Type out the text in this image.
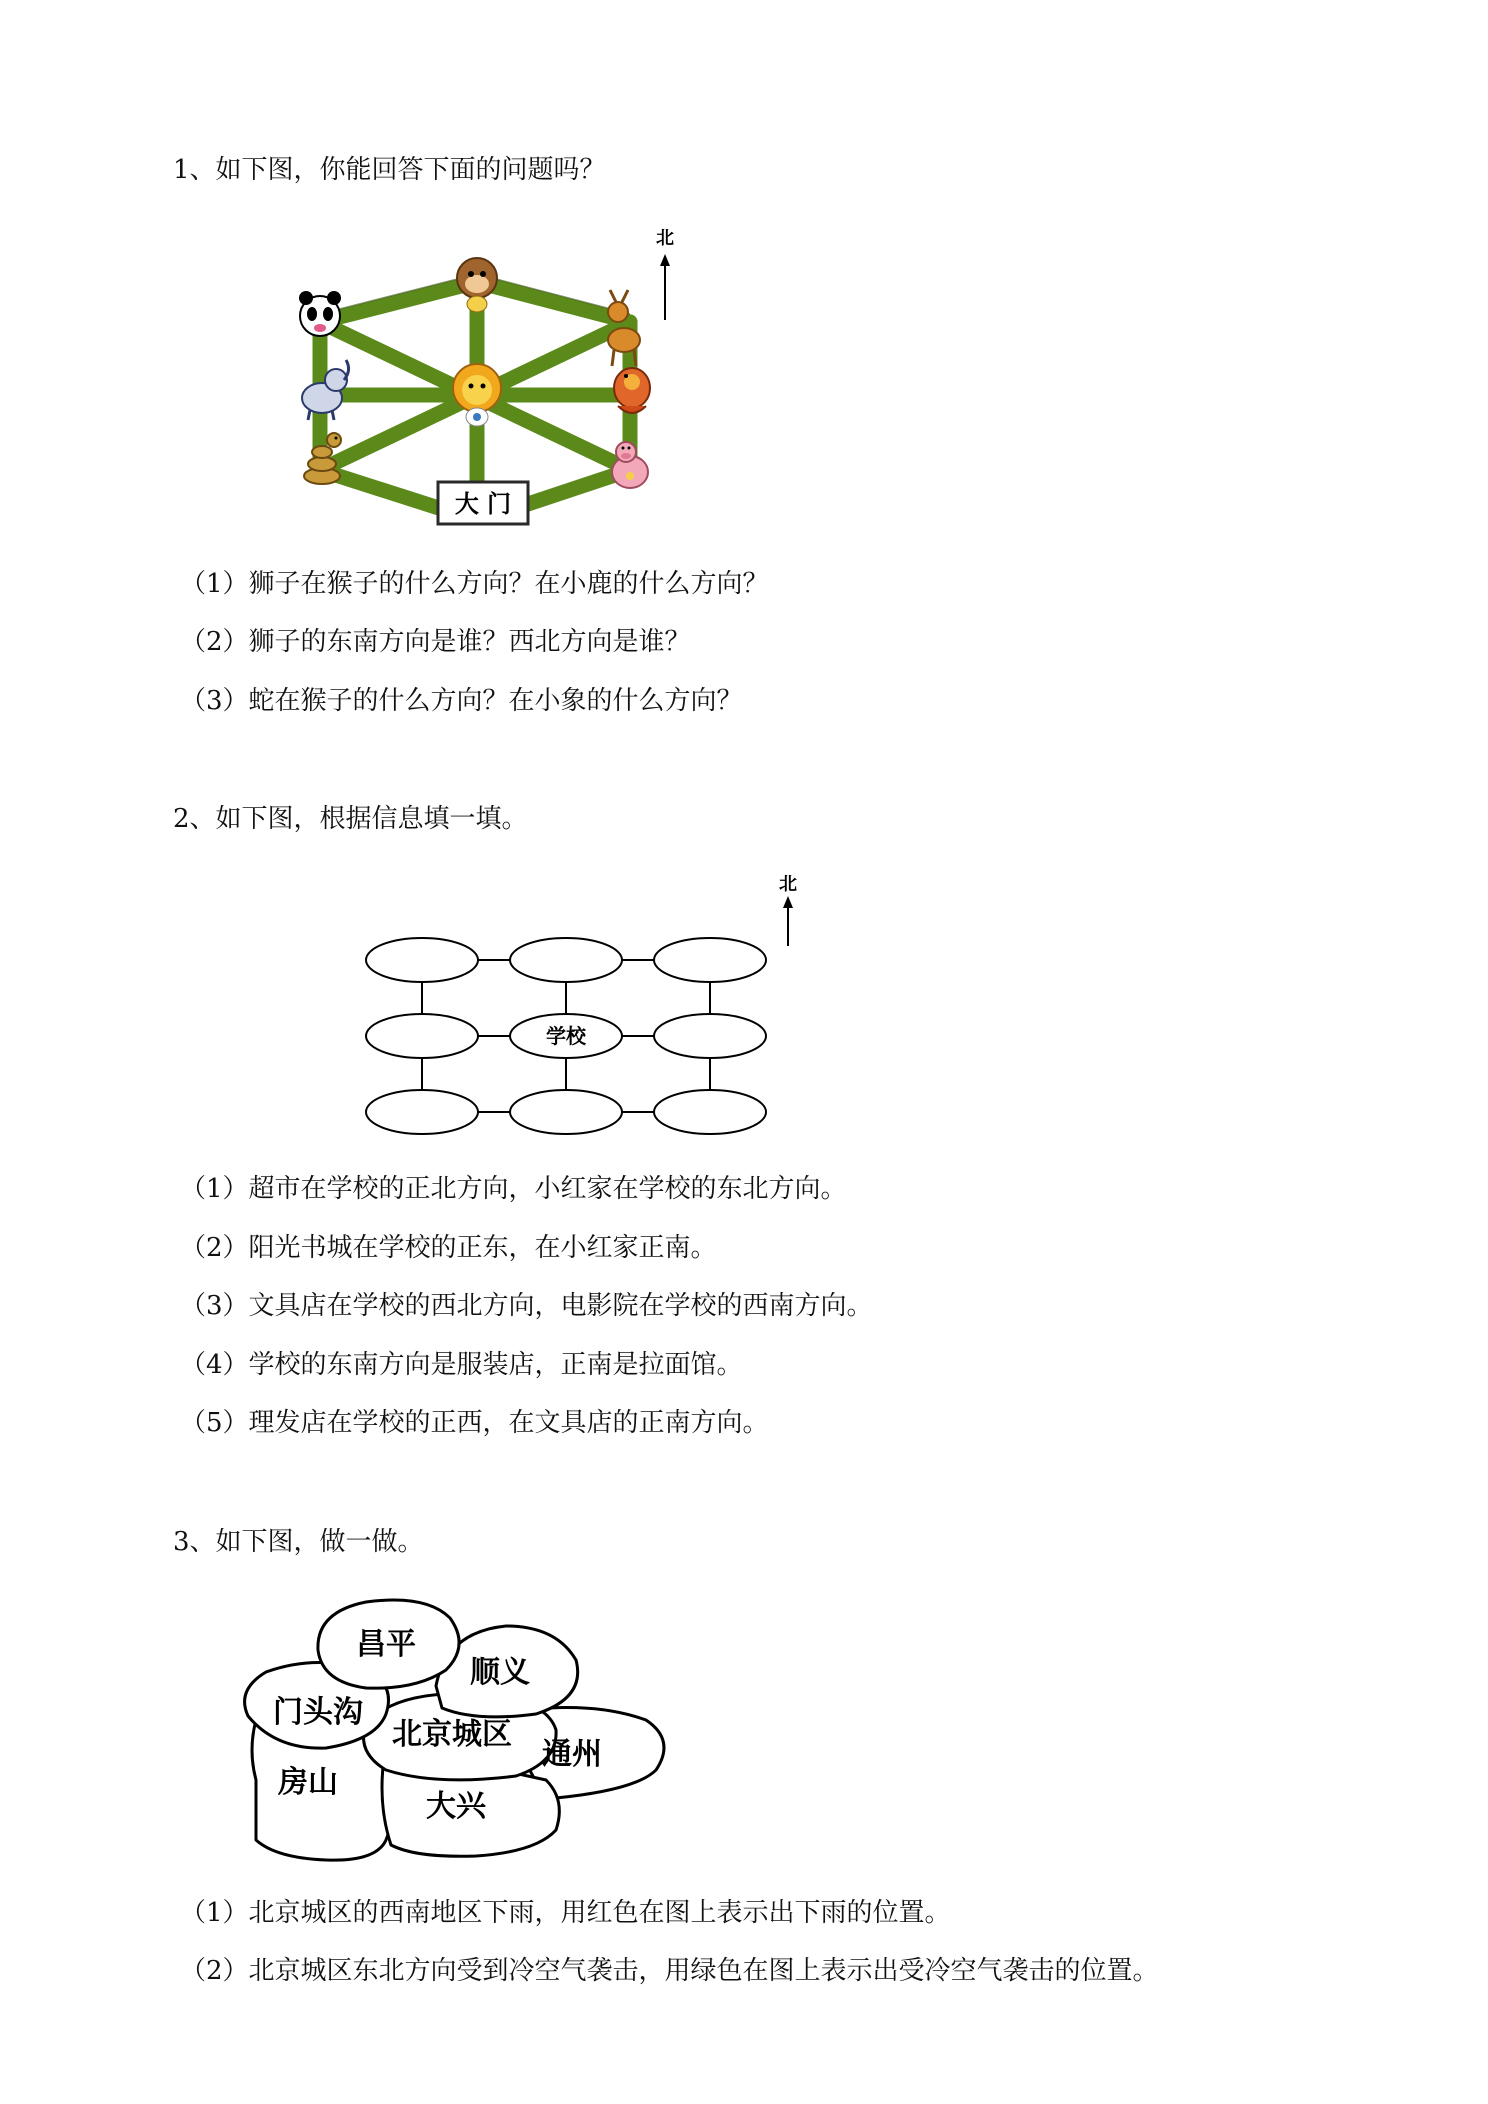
1、如下图，你能回答下面的问题吗？
北
大 门
（1）狮子在猴子的什么方向？在小鹿的什么方向？
（2）狮子的东南方向是谁？西北方向是谁？
（3）蛇在猴子的什么方向？在小象的什么方向？
2、如下图，根据信息填一填。
北
学校
（1）超市在学校的正北方向，小红家在学校的东北方向。
（2）阳光书城在学校的正东，在小红家正南。
（3）文具店在学校的西北方向，电影院在学校的西南方向。
（4）学校的东南方向是服装店，正南是拉面馆。
（5）理发店在学校的正西，在文具店的正南方向。
3、如下图，做一做。
昌平
顺义
门头沟
北京城区
通州
房山
大兴
（1）北京城区的西南地区下雨，用红色在图上表示出下雨的位置。
（2）北京城区东北方向受到冷空气袭击，用绿色在图上表示出受冷空气袭击的位置。
